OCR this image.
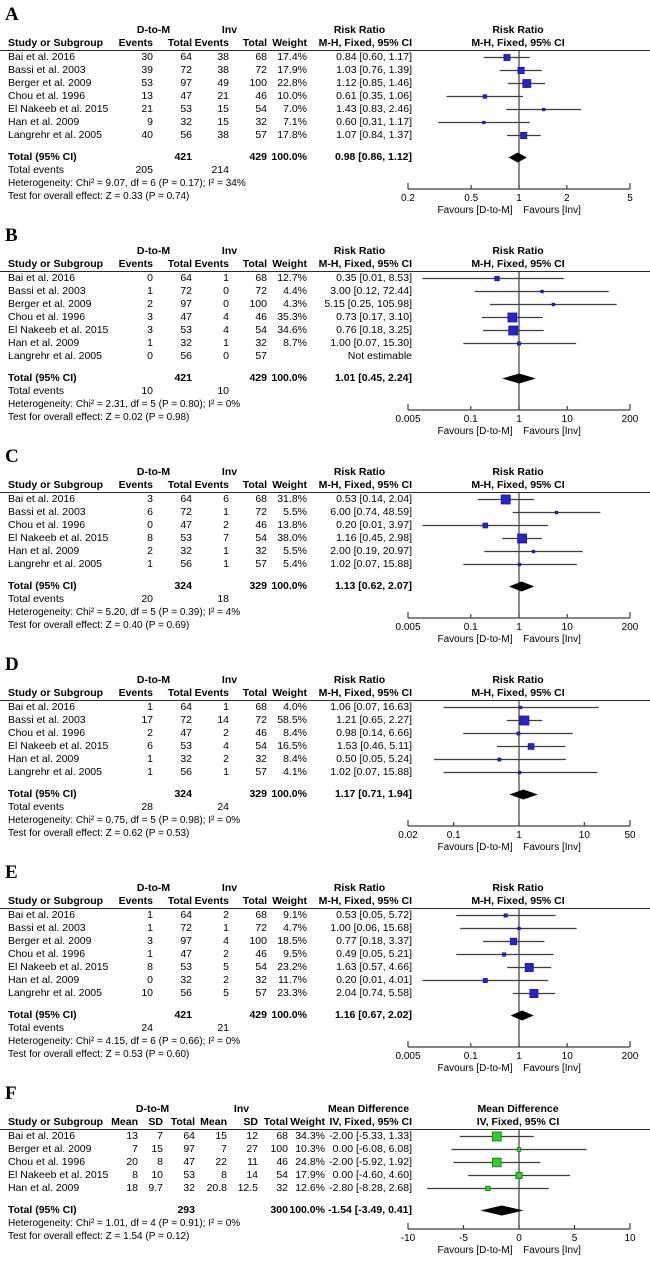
A
D-to-M	Inv	Risk Ratio	Risk Ratio
Study or Subgroup	Events	Total Events	Total Weight	M-H, Fixed, 95% CI	M-H, Fixed, 95% CI
Bai et al. 2016	30	64	38	68 17.4%	0.84 [0.60, 1.17]
Bassi et al. 2003	39	72	38	72 17.9%	1.03 [0.76, 1.39]
Berger et al. 2009	53	97	49	100 22.8%	1.12 [0.85, 1.46]
Chou et al. 1996	13	47	21	46 10.0%	0.61 [0.35, 1.06]
El Nakeeb et al. 2015	21	53	15	54	7.0%	1.43 [0.83, 2.46]
Han et al. 2009	9	32	15	32	7.1%	0.60 [0.31, 1.17]
Langrehr et al. 2005	40	56	38	57 17.8%	1.07 [0.84, 1.37]
Total (95% CI)	421	429 100.0%	0.98 [0.86, 1.12]
Total events	205	214
Heterogeneity: Chi² = 9.07, df = 6 (P = 0.17); I² = 34%
Test for overall effect: Z = 0.33 (P = 0.74)	0.2	0.5	1	2	5
Favours [D-to-M] Favours [Inv]
B
D-to-M	Inv	Risk Ratio	Risk Ratio
Study or Subgroup	Events	Total Events	Total Weight	M-H, Fixed, 95% CI	M-H, Fixed, 95% CI
Bai et al. 2016	0	64	1	68 12.7%	0.35 [0.01, 8.53]
Bassi et al. 2003	1	72	0	72	4.4%	3.00 [0.12, 72.44]
Berger et al. 2009	2	97	0	100	4.3%	5.15 [0.25, 105.98]
Chou et al. 1996	3	47	4	46 35.3%	0.73 [0.17, 3.10]
El Nakeeb et al. 2015	3	53	4	54 34.6%	0.76 [0.18, 3.25]
Han et al. 2009	1	32	1	32	8.7%	1.00 [0.07, 15.30]
Langrehr et al. 2005	0	56	0	57	Not estimable
Total (95% CI)	421	429 100.0%	1.01 [0.45, 2.24]
Total events	10	10
Heterogeneity: Chi² = 2.31, df = 5 (P = 0.80); I² = 0%
Test for overall effect: Z = 0.02 (P = 0.98)	0.005	0.1	1	10	200
Favours [D-to-M] Favours [Inv]
C
D-to-M	Inv	Risk Ratio	Risk Ratio
Study or Subgroup	Events	Total Events	Total Weight	M-H, Fixed, 95% CI	M-H, Fixed, 95% CI
Bai et al. 2016	3	64	6	68 31.8%	0.53 [0.14, 2.04]
Bassi et al. 2003	6	72	1	72	5.5%	6.00 [0.74, 48.59]
Chou et al. 1996	0	47	2	46 13.8%	0.20 [0.01, 3.97]
El Nakeeb et al. 2015	8	53	7	54 38.0%	1.16 [0.45, 2.98]
Han et al. 2009	2	32	1	32	5.5%	2.00 [0.19, 20.97]
Langrehr et al. 2005	1	56	1	57	5.4%	1.02 [0.07, 15.88]
Total (95% CI)	324	329 100.0%	1.13 [0.62, 2.07]
Total events	20	18
Heterogeneity: Chi² = 5.20, df = 5 (P = 0.39); I² = 4%
Test for overall effect: Z = 0.40 (P = 0.69)	0.005	0.1	1	10	200
Favours [D-to-M] Favours [Inv]
D
D-to-M	Inv	Risk Ratio	Risk Ratio
Study or Subgroup	Events	Total Events	Total Weight	M-H, Fixed, 95% CI	M-H, Fixed, 95% CI
Bai et al. 2016	1	64	1	68	4.0%	1.06 [0.07, 16.63]
Bassi et al. 2003	17	72	14	72 58.5%	1.21 [0.65, 2.27]
Chou et al. 1996	2	47	2	46	8.4%	0.98 [0.14, 6.66]
El Nakeeb et al. 2015	6	53	4	54 16.5%	1.53 [0.46, 5.11]
Han et al. 2009	1	32	2	32	8.4%	0.50 [0.05, 5.24]
Langrehr et al. 2005	1	56	1	57	4.1%	1.02 [0.07, 15.88]
Total (95% CI)	324	329 100.0%	1.17 [0.71, 1.94]
Total events	28	24
Heterogeneity: Chi² = 0.75, df = 5 (P = 0.98); I² = 0%
Test for overall effect: Z = 0.62 (P = 0.53)	0.02	0.1	1	10	50
Favours [D-to-M] Favours [Inv]
E
D-to-M	Inv	Risk Ratio	Risk Ratio
Study or Subgroup	Events	Total Events	Total Weight	M-H, Fixed, 95% CI	M-H, Fixed, 95% CI
Bai et al. 2016	1	64	2	68	9.1%	0.53 [0.05, 5.72]
Bassi et al. 2003	1	72	1	72	4.7%	1.00 [0.06, 15.68]
Berger et al. 2009	3	97	4	100 18.5%	0.77 [0.18, 3.37]
Chou et al. 1996	1	47	2	46	9.5%	0.49 [0.05, 5.21]
El Nakeeb et al. 2015	8	53	5	54 23.2%	1.63 [0.57, 4.66]
Han et al. 2009	0	32	2	32	11.7%	0.20 [0.01, 4.01]
Langrehr et al. 2005	10	56	5	57 23.3%	2.04 [0.74, 5.58]
Total (95% CI)	421	429 100.0%	1.16 [0.67, 2.02]
Total events	24	21
Heterogeneity: Chi² = 4.15, df = 6 (P = 0.66); I² = 0%
Test for overall effect: Z = 0.53 (P = 0.60)	0.005	0.1	1	10	200
Favours [D-to-M] Favours [Inv]
F
D-to-M	Inv	Mean Difference	Mean Difference
Study or Subgroup Mean SD Total Mean	SD Total Weight IV, Fixed, 95% CI	IV, Fixed, 95% CI
Bai et al. 2016	13	7	64	15	12	68 34.3% -2.00 [-5.33, 1.33]
Berger et al. 2009	7	15	97	7	27	100 10.3% 0.00 [-6.08, 6.08]
Chou et al. 1996	20	8	47	22	11	46 24.8% -2.00 [-5.92, 1.92]
El Nakeeb et al. 2015	8	10	53	8	14	54 17.9% 0.00 [-4.60, 4.60]
Han et al. 2009	18 9.7	32	20.8	12.5	32 12.6% -2.80 [-8.28, 2.68]
Total (95% CI)	293	300 100.0% -1.54 [-3.49, 0.41]
Heterogeneity: Chi² = 1.01, df = 4 (P = 0.91); I² = 0%
Test for overall effect: Z = 1.54 (P = 0.12)	-10	-5	0	5	10
Favours [D-to-M] Favours [Inv]
